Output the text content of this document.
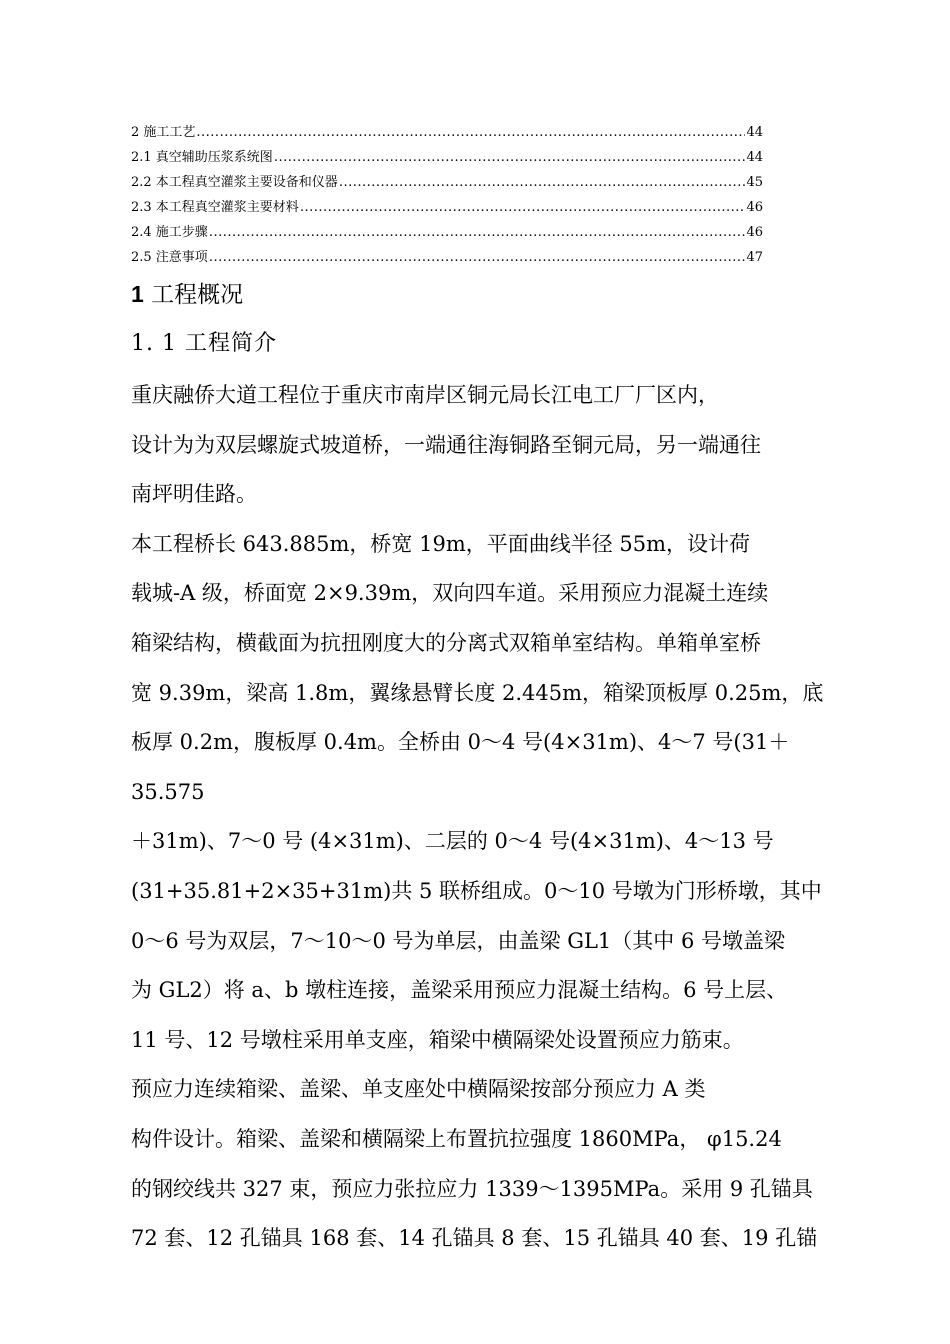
2 施工工艺 .....	44
2.1 真空辅助压浆系统图 .....	44
2.2 本工程真空灌浆主要设备和仪器 .....	45
2.3 本工程真空灌浆主要材料 .....	46
2.4 施工步骤 .....	46
2.5 注意事项 .....	47
1 工程概况
1. 1 工程简介
重庆融侨大道工程位于重庆市南岸区铜元局长江电工厂厂区内，
设计为为双层螺旋式坡道桥，一端通往海铜路至铜元局，另一端通往
南坪明佳路。
本工程桥长 643.885m，桥宽 19m，平面曲线半径 55m，设计荷
载城-A 级，桥面宽 2×9.39m，双向四车道。采用预应力混凝土连续
箱梁结构，横截面为抗扭刚度大的分离式双箱单室结构。单箱单室桥
宽 9.39m，梁高 1.8m，翼缘悬臂长度 2.445m，箱梁顶板厚 0.25m，底
板厚 0.2m，腹板厚 0.4m。全桥由 0～4 号(4×31m)、4～7 号(31＋
35.575
＋31m)、7～0 号 (4×31m)、二层的 0～4 号(4×31m)、4～13 号
(31+35.81+2×35+31m)共 5 联桥组成。0～10 号墩为门形桥墩，其中
0～6 号为双层，7～10～0 号为单层，由盖梁 GL1（其中 6 号墩盖梁
为 GL2）将 a、b 墩柱连接，盖梁采用预应力混凝土结构。6 号上层、
11 号、12 号墩柱采用单支座，箱梁中横隔梁处设置预应力筋束。
预应力连续箱梁、盖梁、单支座处中横隔梁按部分预应力 A 类
构件设计。箱梁、盖梁和横隔梁上布置抗拉强度 1860MPa， φ15.24
的钢绞线共 327 束，预应力张拉应力 1339～1395MPa。采用 9 孔锚具
72 套、12 孔锚具 168 套、14 孔锚具 8 套、15 孔锚具 40 套、19 孔锚
